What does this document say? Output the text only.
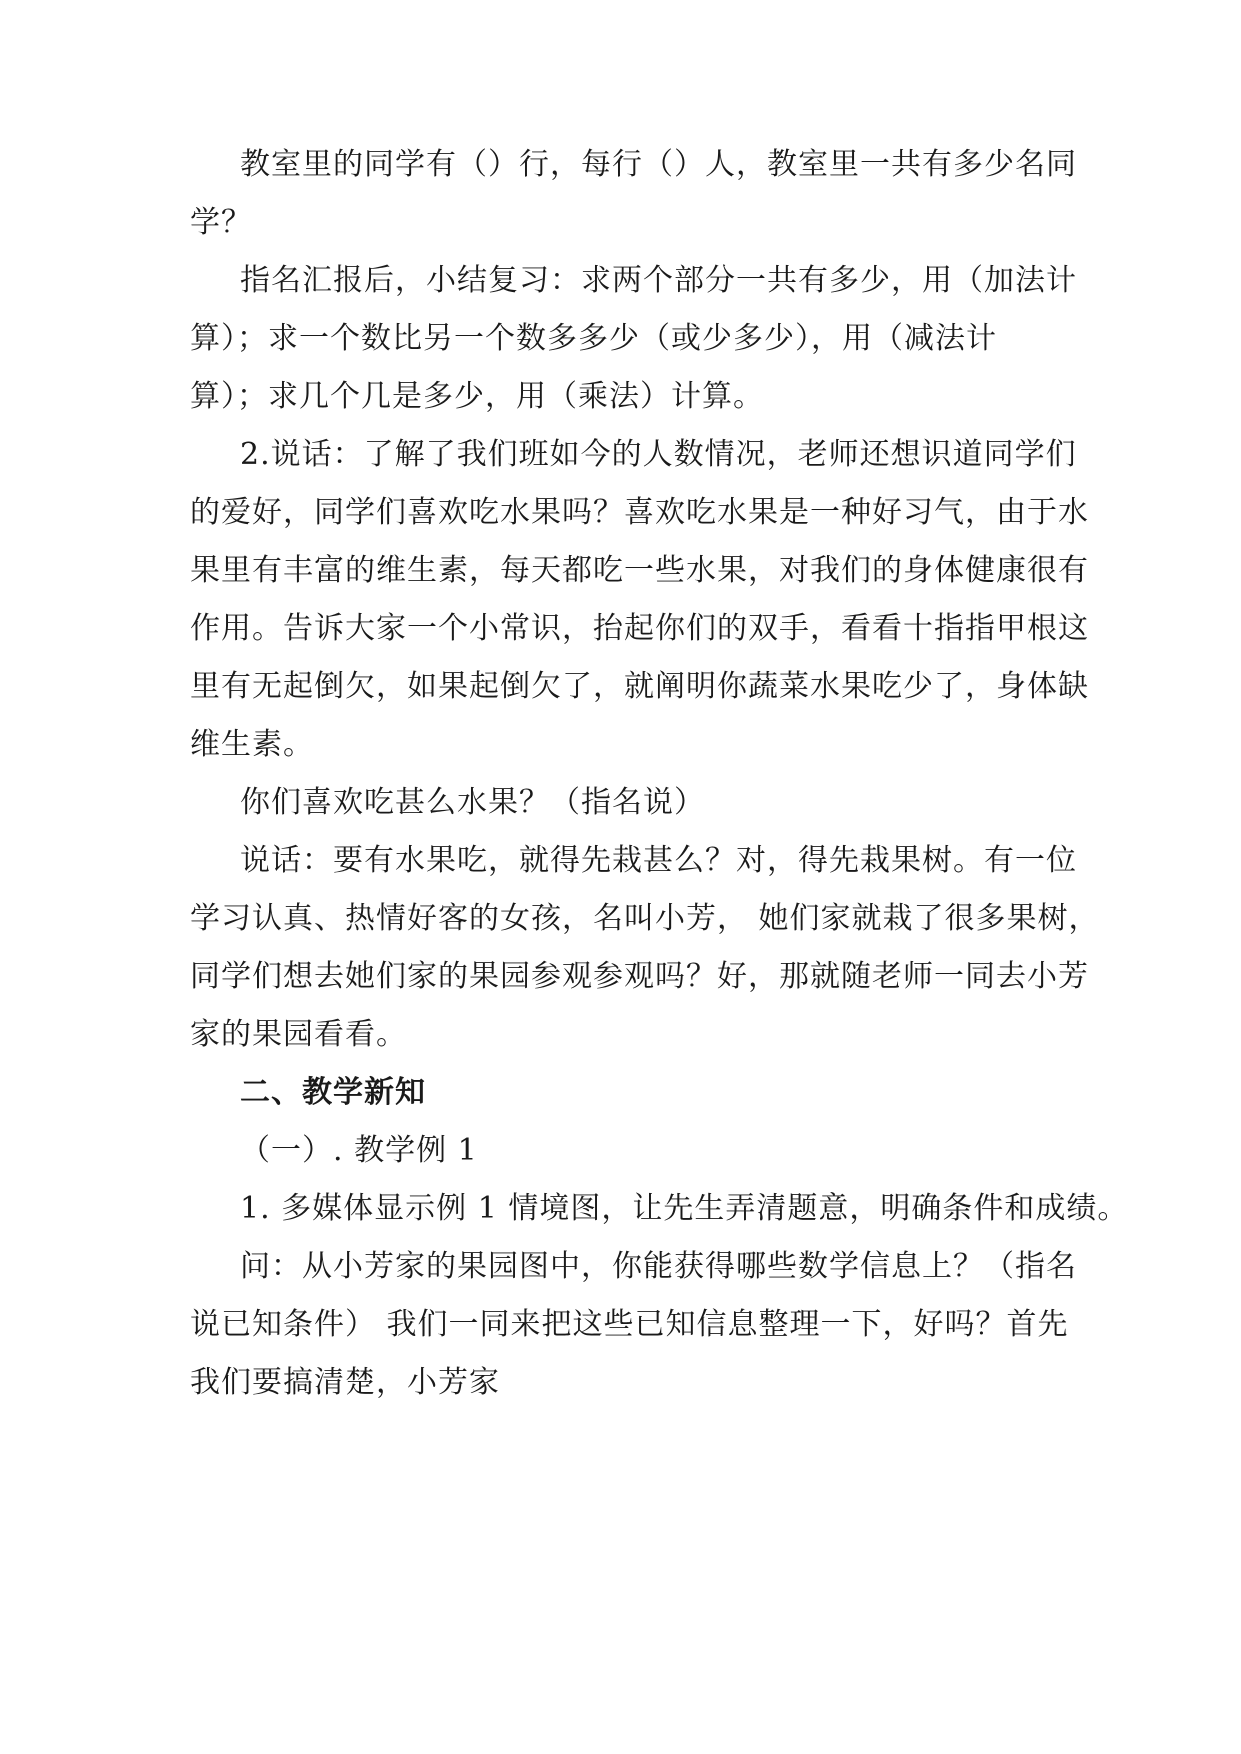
教室里的同学有（）行，每行（）人，教室里一共有多少名同
学？
指名汇报后，小结复习：求两个部分一共有多少，用（加法计
算）；求一个数比另一个数多多少（或少多少），用（减法计
算）；求几个几是多少，用（乘法）计算。
2.说话：了解了我们班如今的人数情况，老师还想识道同学们
的爱好，同学们喜欢吃水果吗？喜欢吃水果是一种好习气，由于水
果里有丰富的维生素，每天都吃一些水果，对我们的身体健康很有
作用。告诉大家一个小常识，抬起你们的双手，看看十指指甲根这
里有无起倒欠，如果起倒欠了，就阐明你蔬菜水果吃少了，身体缺
维生素。
你们喜欢吃甚么水果？（指名说）
说话：要有水果吃，就得先栽甚么？对，得先栽果树。有一位
学习认真、热情好客的女孩，名叫小芳， 她们家就栽了很多果树，
同学们想去她们家的果园参观参观吗？好，那就随老师一同去小芳
家的果园看看。
二、教学新知
（一）. 教学例 1
1. 多媒体显示例 1 情境图，让先生弄清题意，明确条件和成绩。
问：从小芳家的果园图中，你能获得哪些数学信息上？（指名
说已知条件） 我们一同来把这些已知信息整理一下，好吗？首先
我们要搞清楚，小芳家
